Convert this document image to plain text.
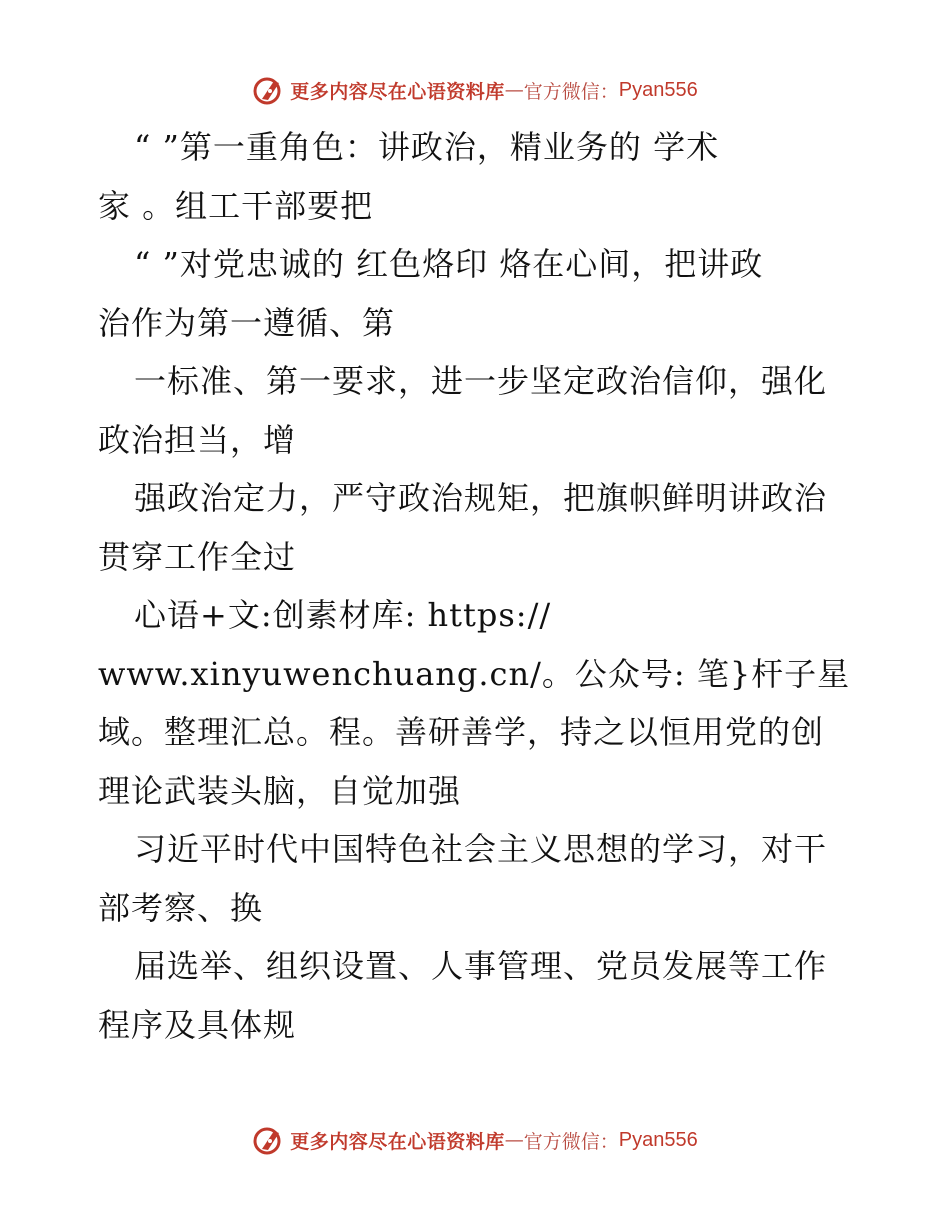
更多内容尽在心语资料库 — 官方微信： Pyan556
“ ”第一重角色：讲政治，精业务的 学术
家 。组工干部要把
“ ”对党忠诚的 红色烙印 烙在心间，把讲政
治作为第一遵循、第
一标准、第一要求，进一步坚定政治信仰，强化
政治担当，增
强政治定力，严守政治规矩，把旗帜鲜明讲政治
贯穿工作全过
心语+文:创素材库: https://
www.xinyuwenchuang.cn/。公众号: 笔}杆子星
域。整理汇总。程。善研善学，持之以恒用党的创
理论武装头脑，自觉加强
习近平时代中国特色社会主义思想的学习，对干
部考察、换
届选举、组织设置、人事管理、党员发展等工作
程序及具体规
更多内容尽在心语资料库 — 官方微信： Pyan556
